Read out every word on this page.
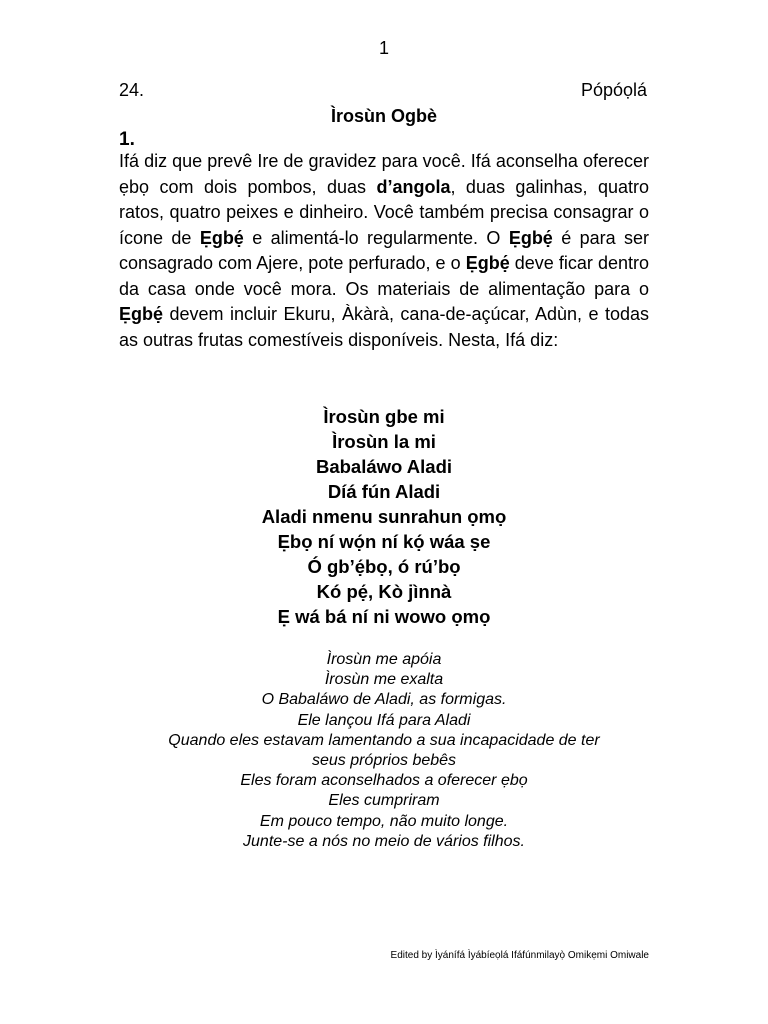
1
24.	Pópóọlá
Ìrosùn Ogbè
1.

Ifá diz que prevê Ire de gravidez para você. Ifá aconselha oferecer ẹbọ com dois pombos, duas d’angola, duas galinhas, quatro ratos, quatro peixes e dinheiro. Você também precisa consagrar o ícone de Ẹgbẹ́ e alimentá-lo regularmente. O Ẹgbẹ́ é para ser consagrado com Ajere, pote perfurado, e o Ẹgbẹ́ deve ficar dentro da casa onde você mora. Os materiais de alimentação para o Ẹgbẹ́ devem incluir Ekuru, Àkàrà, cana-de-açúcar, Adùn, e todas as outras frutas comestíveis disponíveis. Nesta, Ifá diz:

Ìrosùn gbe mi
Ìrosùn la mi
Babaláwo Aladi
Díá fún Aladi
Aladi nmenu sunrahun ọmọ
Ẹbọ ní wọ́n ní kọ́ wáa ṣe
Ó gb’ẹ́bọ, ó rú’bọ
Kó pẹ́, Kò jìnnà
Ẹ wá bá ní ni wowo ọmọ
Ìrosùn me apóia
Ìrosùn me exalta
O Babaláwo de Aladi, as formigas.
Ele lançou Ifá para Aladi
Quando eles estavam lamentando a sua incapacidade de ter
seus próprios bebês
Eles foram aconselhados a oferecer ẹbọ
Eles cumpriram
Em pouco tempo, não muito longe.
Junte-se a nós no meio de vários filhos.
Edited by Ìyánífá Ìyábíeọlá Ifáfúnmilayọ̀ Omikẹmi Omiwale
